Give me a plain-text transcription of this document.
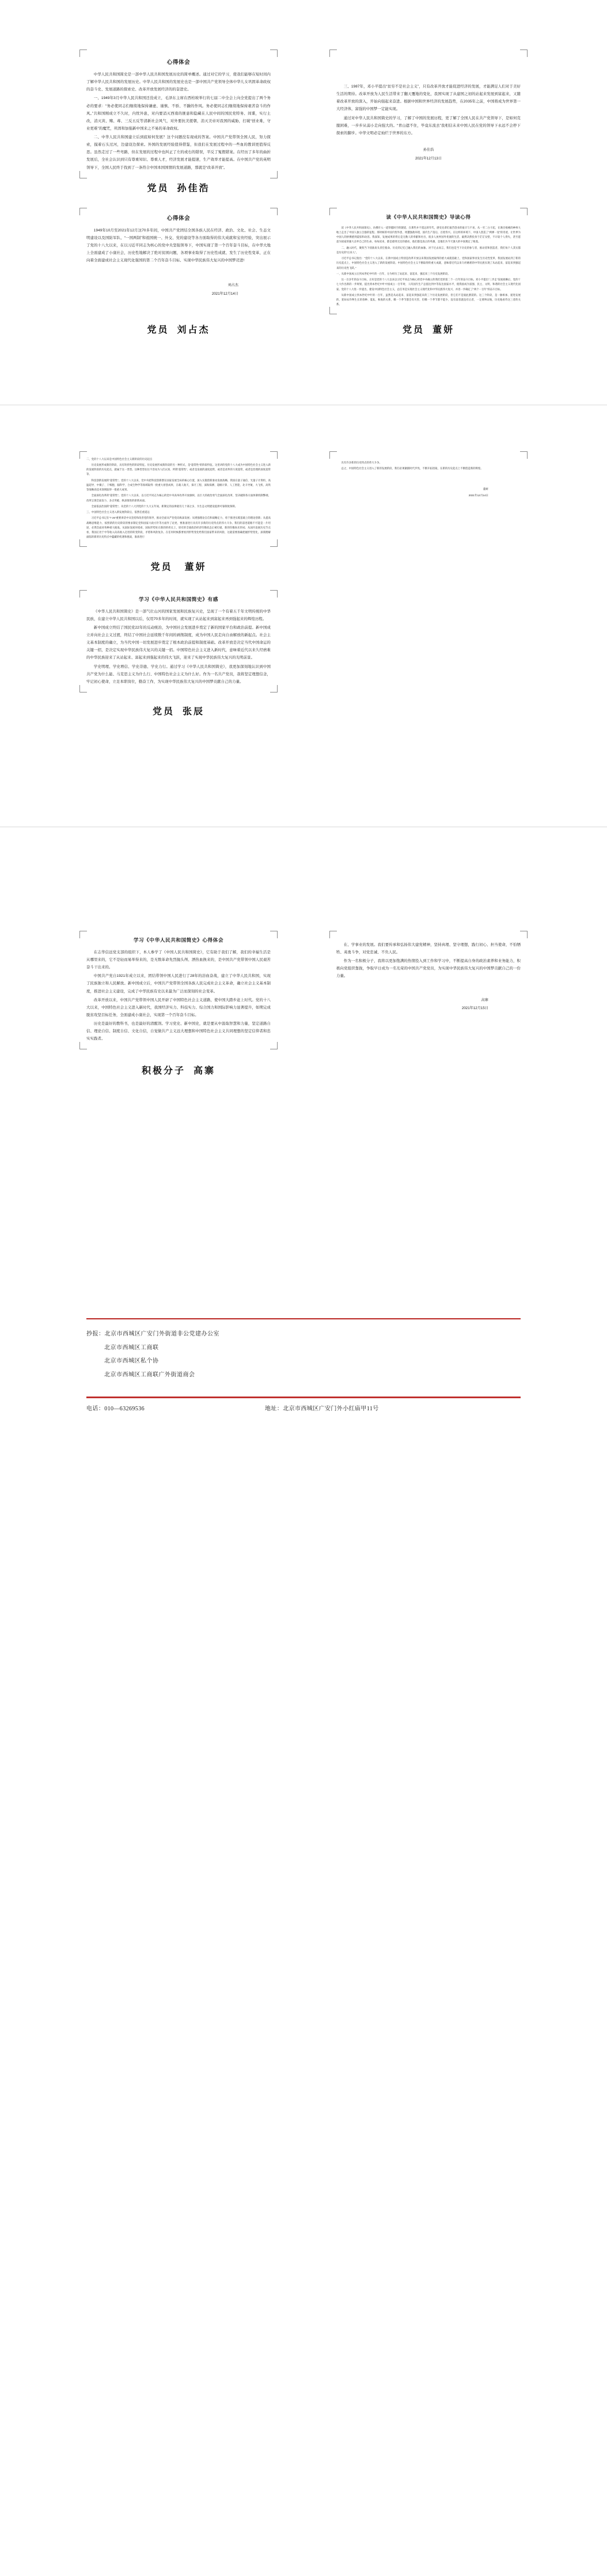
心得体会

中华人民共和国简史是一部中华人民共和国发展历史的简单概述。通过对它的学习，使我们能够在短时间内了解中华人民共和国的发展历史。中华人民共和国的发展史也是一部中国共产党领导全体中华儿女巩固革命政权的奋斗史、发展道路的探索史、改革开放发展经济的的奋进史。

一、1949年3月中华人民共和国还没成立，毛泽东主席在西柏坡举行的七届二中全会上向全党提出了两个务必的要求：“务必使同志们继续地保持谦虚、谨慎、不骄、不躁的作风。务必使同志们继续地保持艰苦奋斗的作风。”共和国刚成立不久时，内忧外患，对内要消灭西南的匪患和隐藏在人民中间的国民党特务、间谍，实行土改，消灭黄、赌、毒、三反五反等清新社会风气，对外要抗美援朝，消灭美帝对我国的威胁，打破“创业难，守业更难”的魔咒，巩固和加强新中国来之不易的革命政权。

二、中华人民共和国建立后到底如何发展？这个问题没有现成的答案。中国共产党带领全国人民，努力探索，摸着石头过河，边建设边探索。外国的发展经验值得借鉴，但我们在发展过程中的一些血的教训更值得反思。虽然走过了一些弯路，但在发展的过程中也纠正了左的或右的错误，平反了冤假错案。在经历了多年的曲折发展后，全社会认识到只有尊重知识、尊重人才，经济发展才能提速，生产效率才能提高。在中国共产党的英明领导下，全国人民终于找到了一条符合中国本国国情的发展道路，那就是“改革开放”。

三、1987年，邓小平提出“贫穷不是社会主义”，只有改革开放才能促进经济的发展，才能满足人们对于美好生活的期待。改革开放为人民生活带来了翻天覆地的变化，我国实现了从建国之初的站起来发展到富起来，又随着改革开放的深入，开始向强起来奋进。根据中国和世界经济的发展趋势，在2035年之前，中国将成为世界第一大经济体，富强的中国梦一定能实现。

通过对中华人民共和国简史的学习，了解了中国的发展历程，更了解了全国人民在共产党领导下，是如何克服困难，一步步从弱小走向强大的。“青山遮不住，毕竟东流去”我相信未来中国人民在党的领导下永远不会停下探索的脚步。中华文明必定灿烂于世界的东方。

孙佳浩
2021年12月13日
党员 孙佳浩
心得体会

1949年10月至2021年12月这70多年间，中国共产党团结全国各族人民在经济、政治、文化、社会、生态文明建设以及国防军队、“一国两制”和祖国统一、外交、党的建设等各方面取得的伟大成就和宝贵经验，突出展示了党的十八大以来，在以习近平同志为核心的党中央坚强领导下，中国实现了第一个百年奋斗目标，在中华大地上全面建成了小康社会，历史性地解决了绝对贫困问题，各项事业取得了历史性成就、发生了历史性变革，正在向着全面建成社会主义现代化强国的第二个百年奋斗目标、实现中华民族伟大复兴的中国梦迈进!

刘占杰
2021年12月14日
读《中华人民共和国简史》导读心得

读《中华人民共和国简史》，仿佛步入一道穿越时空的隧道，在那些并不遥远的年代，感受先辈们艰苦创业的艰辛与不易，从一穷二白干起，在满目疮痍的神州大地上走出了中国人独立自强的征程。那时候的中国内忧外患，周遭强敌环绕，国内生产落后，百废待兴。在这样的环境下，中国人创造了“两弹一星”的奇迹，让世界为中国人的拼搏感到震惊和动容。我深知，发展成果的背后是无数人的奉献和付出，很多人放弃国外优渥的生活，毅然决然投身于茫茫戈壁，不计较个人得失，甚至愿意为国家的强大舍弃自己的生命。每每读来，都是感到无比的感动，他们都是真正的英雄，是他们为今天强大的中国奠定了根基。

二、融入时代，聚焦当下找准肩头责任使命。历史的记忆已融入我们的血脉。对于过去而言，我们也是当下历史的参与者、推动者和创造者，我们每个人其实都是历史的“后来人”。

习近平总书记指出：“党的十八大以来，在新中国成立特别是改革开放以来我国发展取得的重大成就基础上，党和国家事业发生历史性变革，我国发展站到了新的历史起点上，中国特色社会主义进入了新的发展阶段。中国特色社会主义不断取得的重大成就，意味着近代以来久经磨难的中华民族实现了从站起来、富起来到强起来的历史性飞跃。”

一、从新中国成立后到本世纪中叶的一百年，分为经历了站起来、富起来、强起来三个历史发展阶段。

这一百多年的奋斗目标，正好是党的十八大以来以习近平同志为核心的党中央确立的我们党的第二个一百年的奋斗目标。邓小平提出“三步走”发展战略后，党的十七大作出新的一步规划，提出到本世纪中叶中国成立一百年时，人均国内生产总值达到中等发达国家水平，使我国成为富强、民主、文明、和谐的社会主义现代化国家。党的十八大进一步提出，建设中国特色社会主义，总任务是实现社会主义现代化和中华民族伟大复兴，并进一步确定了“两个一百年”的奋斗目标。

从新中国成立到本世纪中叶的一百年，虽然是从站起来、富起来到强起来的三个历史发展阶段，但它们不是彼此割裂的。这三个阶段，是一脉相承、递进发展的，犹如农作物生长的春种、夏耘、秋收的关系，哪一个季节都会有灾害，但哪一个季节都不能少，没有前者就没有后者，一定要辩证地、历史地看待这三者的关系。

党员 刘占杰	党员 董妍

二、党的十八大以来是中国特色社会主义新阶段的历史起点

历史发展形成新的阶段，具有转折性的阶段特征。历史发展形成新阶段的另一种形式，是“超常性”的阶段特征。这里讲的党的十八大成为中国特色社会主义进入新的发展阶段的历史起点，就属于这一类型。这种类型往往不容易为人们认知，所谓“超常性”，或者是发展的速度超常，或者是改革的力度超常，或者是治理的深度超常等。

科技创新发展的“超常性”。党的十八大以来，党中央把科技创新摆在国家发展全局的核心位置，深入实施创新驱动发展战略，我国在量子通信、光量子计算机、高温超导、中微子、干细胞、脑科学、合成生物学等领域取得一批重大原创成果，在载人航天、探月工程、深海探测、超级计算、人工智能、北斗导航、大飞机、高铁等战略高技术领域取得一批重大成果。

全面深化改革的“超常性”。党的十八大以来，以习近平同志为核心的党中央高举改革开放旗帜，以巨大的政治勇气全面深化改革，坚决破除各方面体制机制弊端，改革呈现全面发力、多点突破、纵深推进的崭新局面。

全面依法治国的“超常性”。从党的十八大到党的十九大五年间，新制定的法律就有几十部之多，为生态文明建设提供可靠制度保障。

三、中国特色社会主义进入新发展阶段后，依然任重道远

习近平总书记在“7·26”重要讲话中从坚持和改善党的领导，推动全面从严治党向纵深发展；从增强理论自信和战略定力，勇于推进实践基础上的理论创新；从提高战略思维能力、按照新的历史阶段的要求制定党和国家大政方针等方面作了论述，要准备进行具有许多新的历史特点的伟大斗争。我们的前进道路不可能是一片坦途，必然会面对各种重大挑战。从国际发展环境看，国际形势处在新的转折点上，原有的全球政治经济均衡状态正被打破，新的均衡尚未形成；从国内发展历史节点看，我国正处于中等收入向高收入迈进的转变阶段，矛盾和风险复杂。在任何时候都要看到形势变化给我们国家带来的风险，这就需要准确把握形势变化，深刻理解面临的新的历史特点中蕴藏的机遇和挑战，准备进行

具有许多新的历史特点的伟大斗争。

总之，中国特色社会主义进入了新的发展阶段，我们必须紧跟时代步伐，不断开拓进取，在新的历史起点上不断创造新的辉煌。

董妍
2021年12月14日
党员 董妍
学习《中华人民共和国简史》有感

《中华人民共和国简史》是一部气壮山河的国家发展和民族复兴史，呈现了一个有着五千年文明传统的中华民族，在建立中华人民共和国以后，仅用70多年的时间，就实现了从站起来到富起来再到强起来的辉煌历程。

新中国成立终结了国民党22年的反动统治，为中国社会发展进步奠定了新的国家平台和政治前提。新中国成立并向社会主义过渡，终结了中国社会延续数千年间的剥削制度，成为中国人民走向自由解放的新起点。社会主义基本制度的确立，为当代中国一切发展进步奠定了根本政治前提和制度基础。改革开放是决定当代中国命运的关键一招，是决定实现中华民族伟大复兴的关键一招。中国特色社会主义进入新时代，意味着近代以来久经磨难的中华民族迎来了从站起来、富起来到强起来的伟大飞跃，迎来了实现中华民族伟大复兴的光明前景。

学史明理、学史增信、学史崇德、学史力行。通过学习《中华人民共和国简史》，我更加深刻地认识到中国共产党为什么能、马克思主义为什么行、中国特色社会主义为什么好。作为一名共产党员，我将坚定理想信念，牢记初心使命，立足本职岗位，勤奋工作，为实现中华民族伟大复兴的中国梦贡献自己的力量。

党员 张辰
学习《中华人民共和国简史》心得体会

在志华信远党支部的组织下，本人参学了《中国人民共和国简史》，它有助于我们了解，我们的幸福生活是从哪里来的，它不是轻而易举得来的，是无数革命先烈抛头颅、洒热血换来的，是中国共产党带领中国人民艰苦奋斗干出来的。

中国共产党自1921年成立以来，团结带领中国人民进行了28年的浴血奋战，建立了中华人民共和国，实现了民族独立和人民解放。新中国成立后，中国共产党带领全国各族人民完成社会主义革命，确立社会主义基本制度，推进社会主义建设，完成了中华民族有史以来最为广泛而深刻的社会变革。

改革开放以来，中国共产党带领中国人民开辟了中国特色社会主义道路，使中国大踏步赶上时代。党的十八大以来，中国特色社会主义进入新时代，我国经济实力、科技实力、综合国力和国际影响力显著提升，如期完成脱贫攻坚目标任务，全面建成小康社会，实现第一个百年奋斗目标。

历史是最好的教科书，也是最好的清醒剂。学习党史、新中国史，就是要从中汲取智慧和力量，坚定道路自信、理论自信、制度自信、文化自信，自觉做共产主义远大理想和中国特色社会主义共同理想的坚定信仰者和忠实实践者。

在、学事业的发展。我们要传承和弘扬伟大建党精神，坚持真理、坚守理想，践行初心、担当使命，不怕牺牲、英勇斗争，对党忠诚、不负人民。

作为一名积极分子，我将以更加饱满的热情投入到工作和学习中，不断提高自身的政治素养和业务能力，积极向党组织靠拢，争取早日成为一名光荣的中国共产党党员，为实现中华民族伟大复兴的中国梦贡献自己的一份力量。

高寨
2021年12月15日
积极分子 高寨
抄报：北京市西城区广安门外街道非公党建办公室
北京市西城区工商联
北京市西城区私个协
北京市西城区工商联广外街道商会
电话：010—63269536	地址：北京市西城区广安门外小红庙甲11号
